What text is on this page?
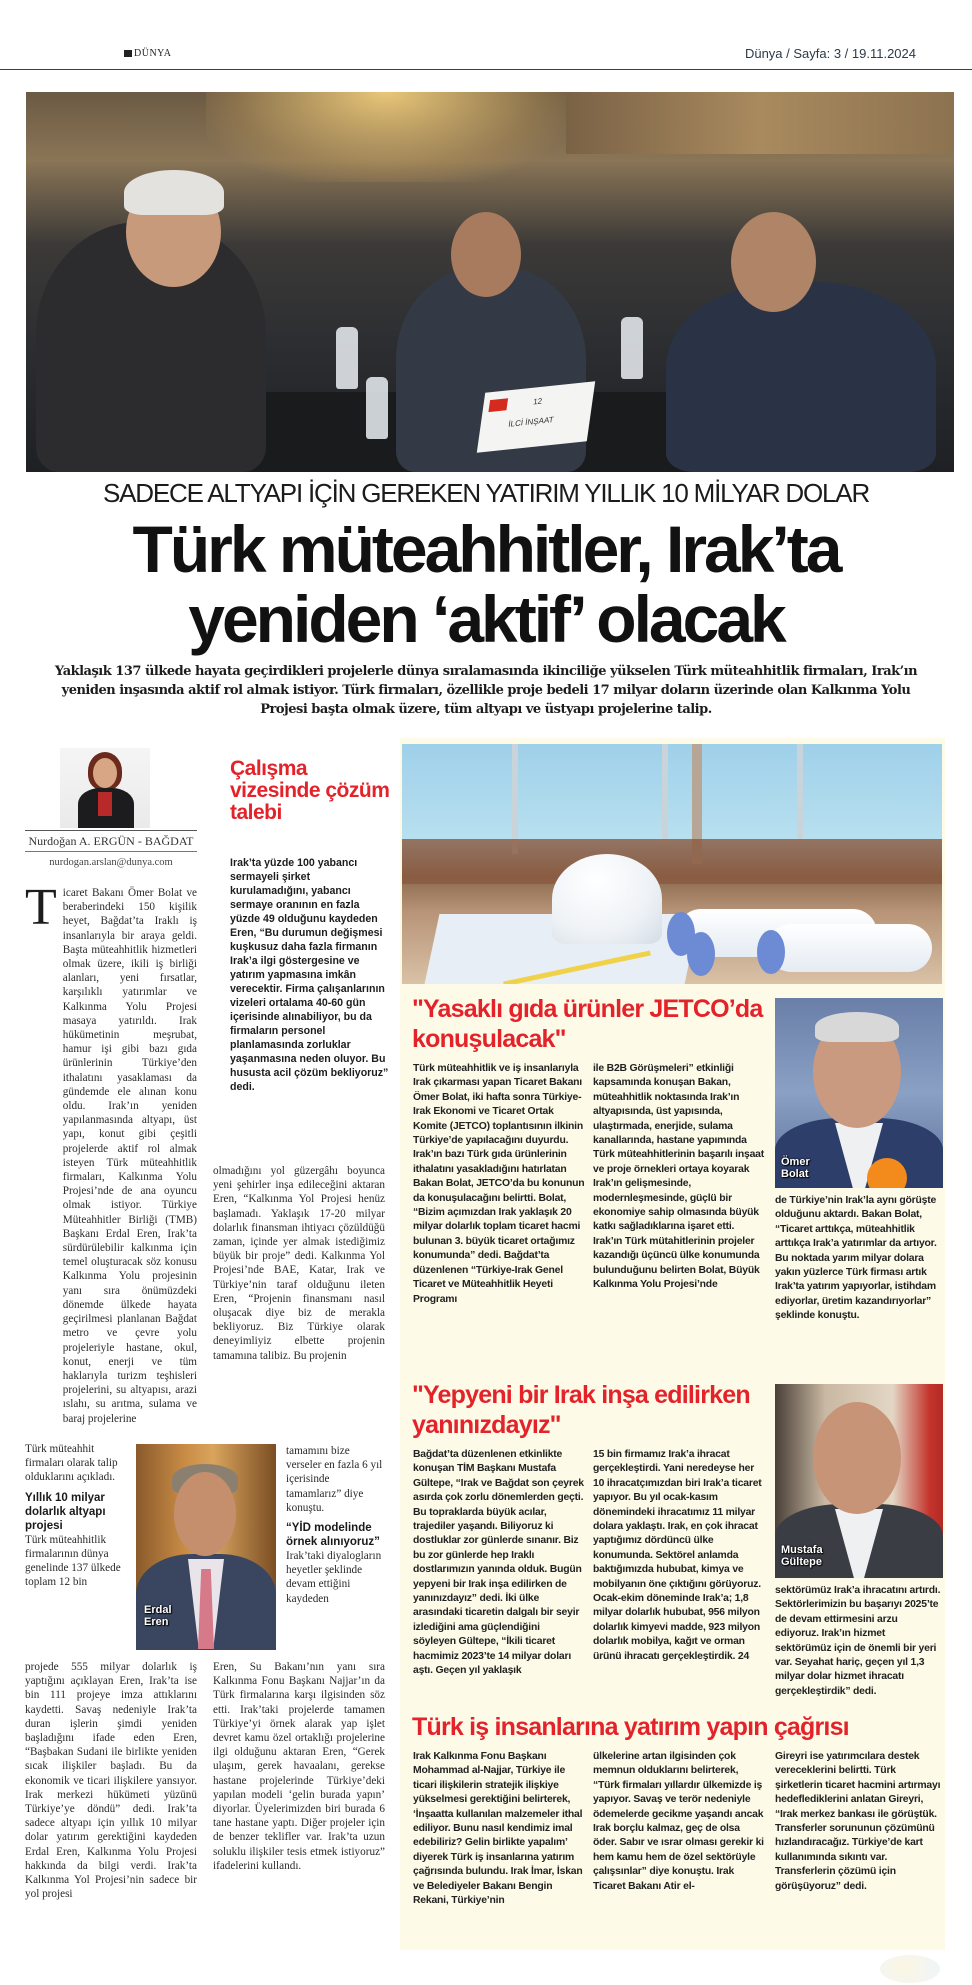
DÜNYA	Dünya / Sayfa: 3 / 19.11.2024
12
İLCİ İNŞAAT
SADECE ALTYAPI İÇİN GEREKEN YATIRIM YILLIK 10 MİLYAR DOLAR
Türk müteahhitler, Irak’ta
yeniden ‘aktif’ olacak
Yaklaşık 137 ülkede hayata geçirdikleri projelerle dünya sıralamasında ikinciliğe yükselen Türk müteahhitlik firmaları, Irak’ın yeniden inşasında aktif rol almak istiyor. Türk firmaları, özellikle proje bedeli 17 milyar doların üzerinde olan Kalkınma Yolu Projesi başta olmak üzere, tüm altyapı ve üstyapı projelerine talip.
Nurdoğan A. ERGÜN - BAĞDAT
nurdogan.arslan@dunya.com
T icaret Bakanı Ömer Bolat ve beraberindeki 150 kişilik heyet, Bağdat’ta Iraklı iş insanlarıyla bir araya geldi. Başta müteahhitlik hizmetleri olmak üzere, ikili iş birliği alanları, yeni fırsatlar, karşılıklı yatırımlar ve Kalkınma Yolu Projesi masaya yatırıldı. Irak hükümetinin meşrubat, hamur işi gibi bazı gıda ürünlerinin Türkiye’den ithalatını yasaklaması da gündemde ele alınan konu oldu. Irak’ın yeniden yapılanmasında altyapı, üst yapı, konut gibi çeşitli projelerde aktif rol almak isteyen Türk müteahhitlik firmaları, Kalkınma Yolu Projesi’nde de ana oyuncu olmak istiyor. Türkiye Müteahhitler Birliği (TMB) Başkanı Erdal Eren, Irak’ta sürdürülebilir kalkınma için temel oluşturacak söz konusu Kalkınma Yolu projesinin yanı sıra önümüzdeki dönemde ülkede hayata geçirilmesi planlanan Bağdat metro ve çevre yolu projeleriyle hastane, okul, konut, enerji ve tüm haklarıyla turizm teşhisleri projelerini, su altyapısı, arazi ıslahı, su arıtma, sulama ve baraj projelerine

Türk müteahhit firmaları olarak talip olduklarını açıkladı.

Yıllık 10 milyar dolarlık altyapı projesi

Türk müteahhitlik firmalarının dünya genelinde 137 ülkede toplam 12 bin

projede 555 milyar dolarlık iş yaptığını açıklayan Eren, Irak’ta ise bin 111 projeye imza attıklarını kaydetti. Savaş nedeniyle Irak’ta duran işlerin şimdi yeniden başladığını ifade eden Eren, “Başbakan Sudani ile birlikte yeniden sıcak ilişkiler başladı. Bu da ekonomik ve ticari ilişkilere yansıyor. Irak merkezi hükümeti yüzünü Türkiye’ye döndü” dedi. Irak’ta sadece altyapı için yıllık 10 milyar dolar yatırım gerektiğini kaydeden Erdal Eren, Kalkınma Yolu Projesi hakkında da bilgi verdi. Irak’ta Kalkınma Yol Projesi’nin sadece bir yol projesi
Erdal
Eren
Çalışma vizesinde çözüm talebi
Irak’ta yüzde 100 yabancı sermayeli şirket kurulamadığını, yabancı sermaye oranının en fazla yüzde 49 olduğunu kaydeden Eren, “Bu durumun değişmesi kuşkusuz daha fazla firmanın Irak’a ilgi göstergesine ve yatırım yapmasına imkân verecektir. Firma çalışanlarının vizeleri ortalama 40-60 gün içerisinde alınabiliyor, bu da firmaların personel planlamasında zorluklar yaşanmasına neden oluyor. Bu hususta acil çözüm bekliyoruz” dedi.
olmadığını yol güzergâhı boyunca yeni şehirler inşa edileceğini aktaran Eren, “Kalkınma Yol Projesi henüz başlamadı. Yaklaşık 17-20 milyar dolarlık finansman ihtiyacı çözüldüğü zaman, içinde yer almak istediğimiz büyük bir proje” dedi. Kalkınma Yol Projesi’nde BAE, Katar, Irak ve Türkiye’nin taraf olduğunu ileten Eren, “Projenin finansmanı nasıl oluşacak diye biz de merakla bekliyoruz. Biz Türkiye olarak deneyimliyiz elbette projenin tamamına talibiz. Bu projenin

tamamını bize verseler en fazla 6 yıl içerisinde tamamlarız” diye konuştu.

“YİD modelinde örnek alınıyoruz”

Irak’taki diyalogların heyetler şeklinde devam ettiğini kaydeden

Eren, Su Bakanı’nın yanı sıra Kalkınma Fonu Başkanı Najjar’ın da Türk firmalarına karşı ilgisinden söz etti. Irak’taki projelerde tamamen Türkiye’yi örnek alarak yap işlet devret kamu özel ortaklığı projelerine ilgi olduğunu aktaran Eren, “Gerek ulaşım, gerek havaalanı, gerekse hastane projelerinde Türkiye’deki yapılan modeli ‘gelin burada yapın’ diyorlar. Üyelerimizden biri burada 6 tane hastane yaptı. Diğer projeler için de benzer teklifler var. Irak’ta uzun soluklu ilişkiler tesis etmek istiyoruz” ifadelerini kullandı.
"Yasaklı gıda ürünler JETCO’da konuşulacak"
Türk müteahhitlik ve iş insanlarıyla Irak çıkarması yapan Ticaret Bakanı Ömer Bolat, iki hafta sonra Türkiye-Irak Ekonomi ve Ticaret Ortak Komite (JETCO) toplantısının ilkinin Türkiye’de yapılacağını duyurdu. Irak’ın bazı Türk gıda ürünlerinin ithalatını yasakladığını hatırlatan Bakan Bolat, JETCO’da bu konunun da konuşulacağını belirtti. Bolat, “Bizim açımızdan Irak yaklaşık 20 milyar dolarlık toplam ticaret hacmi bulunan 3. büyük ticaret ortağımız konumunda” dedi. Bağdat’ta düzenlenen “Türkiye-Irak Genel Ticaret ve Müteahhitlik Heyeti Programı
ile B2B Görüşmeleri” etkinliği kapsamında konuşan Bakan, müteahhitlik noktasında Irak’ın altyapısında, üst yapısında, ulaştırmada, enerjide, sulama kanallarında, hastane yapımında Türk müteahhitlerinin başarılı inşaat ve proje örnekleri ortaya koyarak Irak’ın gelişmesinde, modernleşmesinde, güçlü bir ekonomiye sahip olmasında büyük katkı sağladıklarına işaret etti. Irak’ın Türk mütahitlerinin projeler kazandığı üçüncü ülke konumunda bulunduğunu belirten Bolat, Büyük Kalkınma Yolu Projesi’nde
Ömer
Bolat
de Türkiye’nin Irak’la aynı görüşte olduğunu aktardı. Bakan Bolat, “Ticaret arttıkça, müteahhitlik arttıkça Irak’a yatırımlar da artıyor. Bu noktada yarım milyar dolara yakın yüzlerce Türk firması artık Irak’ta yatırım yapıyorlar, istihdam ediyorlar, üretim kazandırıyorlar” şeklinde konuştu.
"Yepyeni bir Irak inşa edilirken yanınızdayız"
Bağdat’ta düzenlenen etkinlikte konuşan TİM Başkanı Mustafa Gültepe, “Irak ve Bağdat son çeyrek asırda çok zorlu dönemlerden geçti. Bu topraklarda büyük acılar, trajediler yaşandı. Biliyoruz ki dostluklar zor günlerde sınanır. Biz bu zor günlerde hep Iraklı dostlarımızın yanında olduk. Bugün yepyeni bir Irak inşa edilirken de yanınızdayız” dedi. İki ülke arasındaki ticaretin dalgalı bir seyir izlediğini ama güçlendiğini söyleyen Gültepe, “İkili ticaret hacmimiz 2023’te 14 milyar doları aştı. Geçen yıl yaklaşık
15 bin firmamız Irak’a ihracat gerçekleştirdi. Yani neredeyse her 10 ihracatçımızdan biri Irak’a ticaret yapıyor. Bu yıl ocak-kasım dönemindeki ihracatımız 11 milyar dolara yaklaştı. Irak, en çok ihracat yaptığımız dördüncü ülke konumunda. Sektörel anlamda baktığımızda hububat, kimya ve mobilyanın öne çıktığını görüyoruz. Ocak-ekim döneminde Irak’a; 1,8 milyar dolarlık hububat, 956 milyon dolarlık kimyevi madde, 923 milyon dolarlık mobilya, kağıt ve orman ürünü ihracatı gerçekleştirdik. 24
Mustafa
Gültepe
sektörümüz Irak’a ihracatını artırdı. Sektörlerimizin bu başarıyı 2025’te de devam ettirmesini arzu ediyoruz. Irak’ın hizmet sektörümüz için de önemli bir yeri var. Seyahat hariç, geçen yıl 1,3 milyar dolar hizmet ihracatı gerçekleştirdik” dedi.
Türk iş insanlarına yatırım yapın çağrısı
Irak Kalkınma Fonu Başkanı Mohammad al-Najjar, Türkiye ile ticari ilişkilerin stratejik ilişkiye yükselmesi gerektiğini belirterek, ‘İnşaatta kullanılan malzemeler ithal ediliyor. Bunu nasıl kendimiz imal edebiliriz? Gelin birlikte yapalım’ diyerek Türk iş insanlarına yatırım çağrısında bulundu. Irak İmar, İskan ve Belediyeler Bakanı Bengin Rekani, Türkiye’nin
ülkelerine artan ilgisinden çok memnun olduklarını belirterek, “Türk firmaları yıllardır ülkemizde iş yapıyor. Savaş ve terör nedeniyle ödemelerde gecikme yaşandı ancak Irak borçlu kalmaz, geç de olsa öder. Sabır ve ısrar olması gerekir ki hem kamu hem de özel sektörüyle çalışsınlar” diye konuştu. Irak Ticaret Bakanı Atir el-
Gireyri ise yatırımcılara destek vereceklerini belirtti. Türk şirketlerin ticaret hacmini artırmayı hedeflediklerini anlatan Gireyri, “Irak merkez bankası ile görüştük. Transferler sorununun çözümünü hızlandıracağız. Türkiye’de kart kullanımında sıkıntı var. Transferlerin çözümü için görüşüyoruz” dedi.
